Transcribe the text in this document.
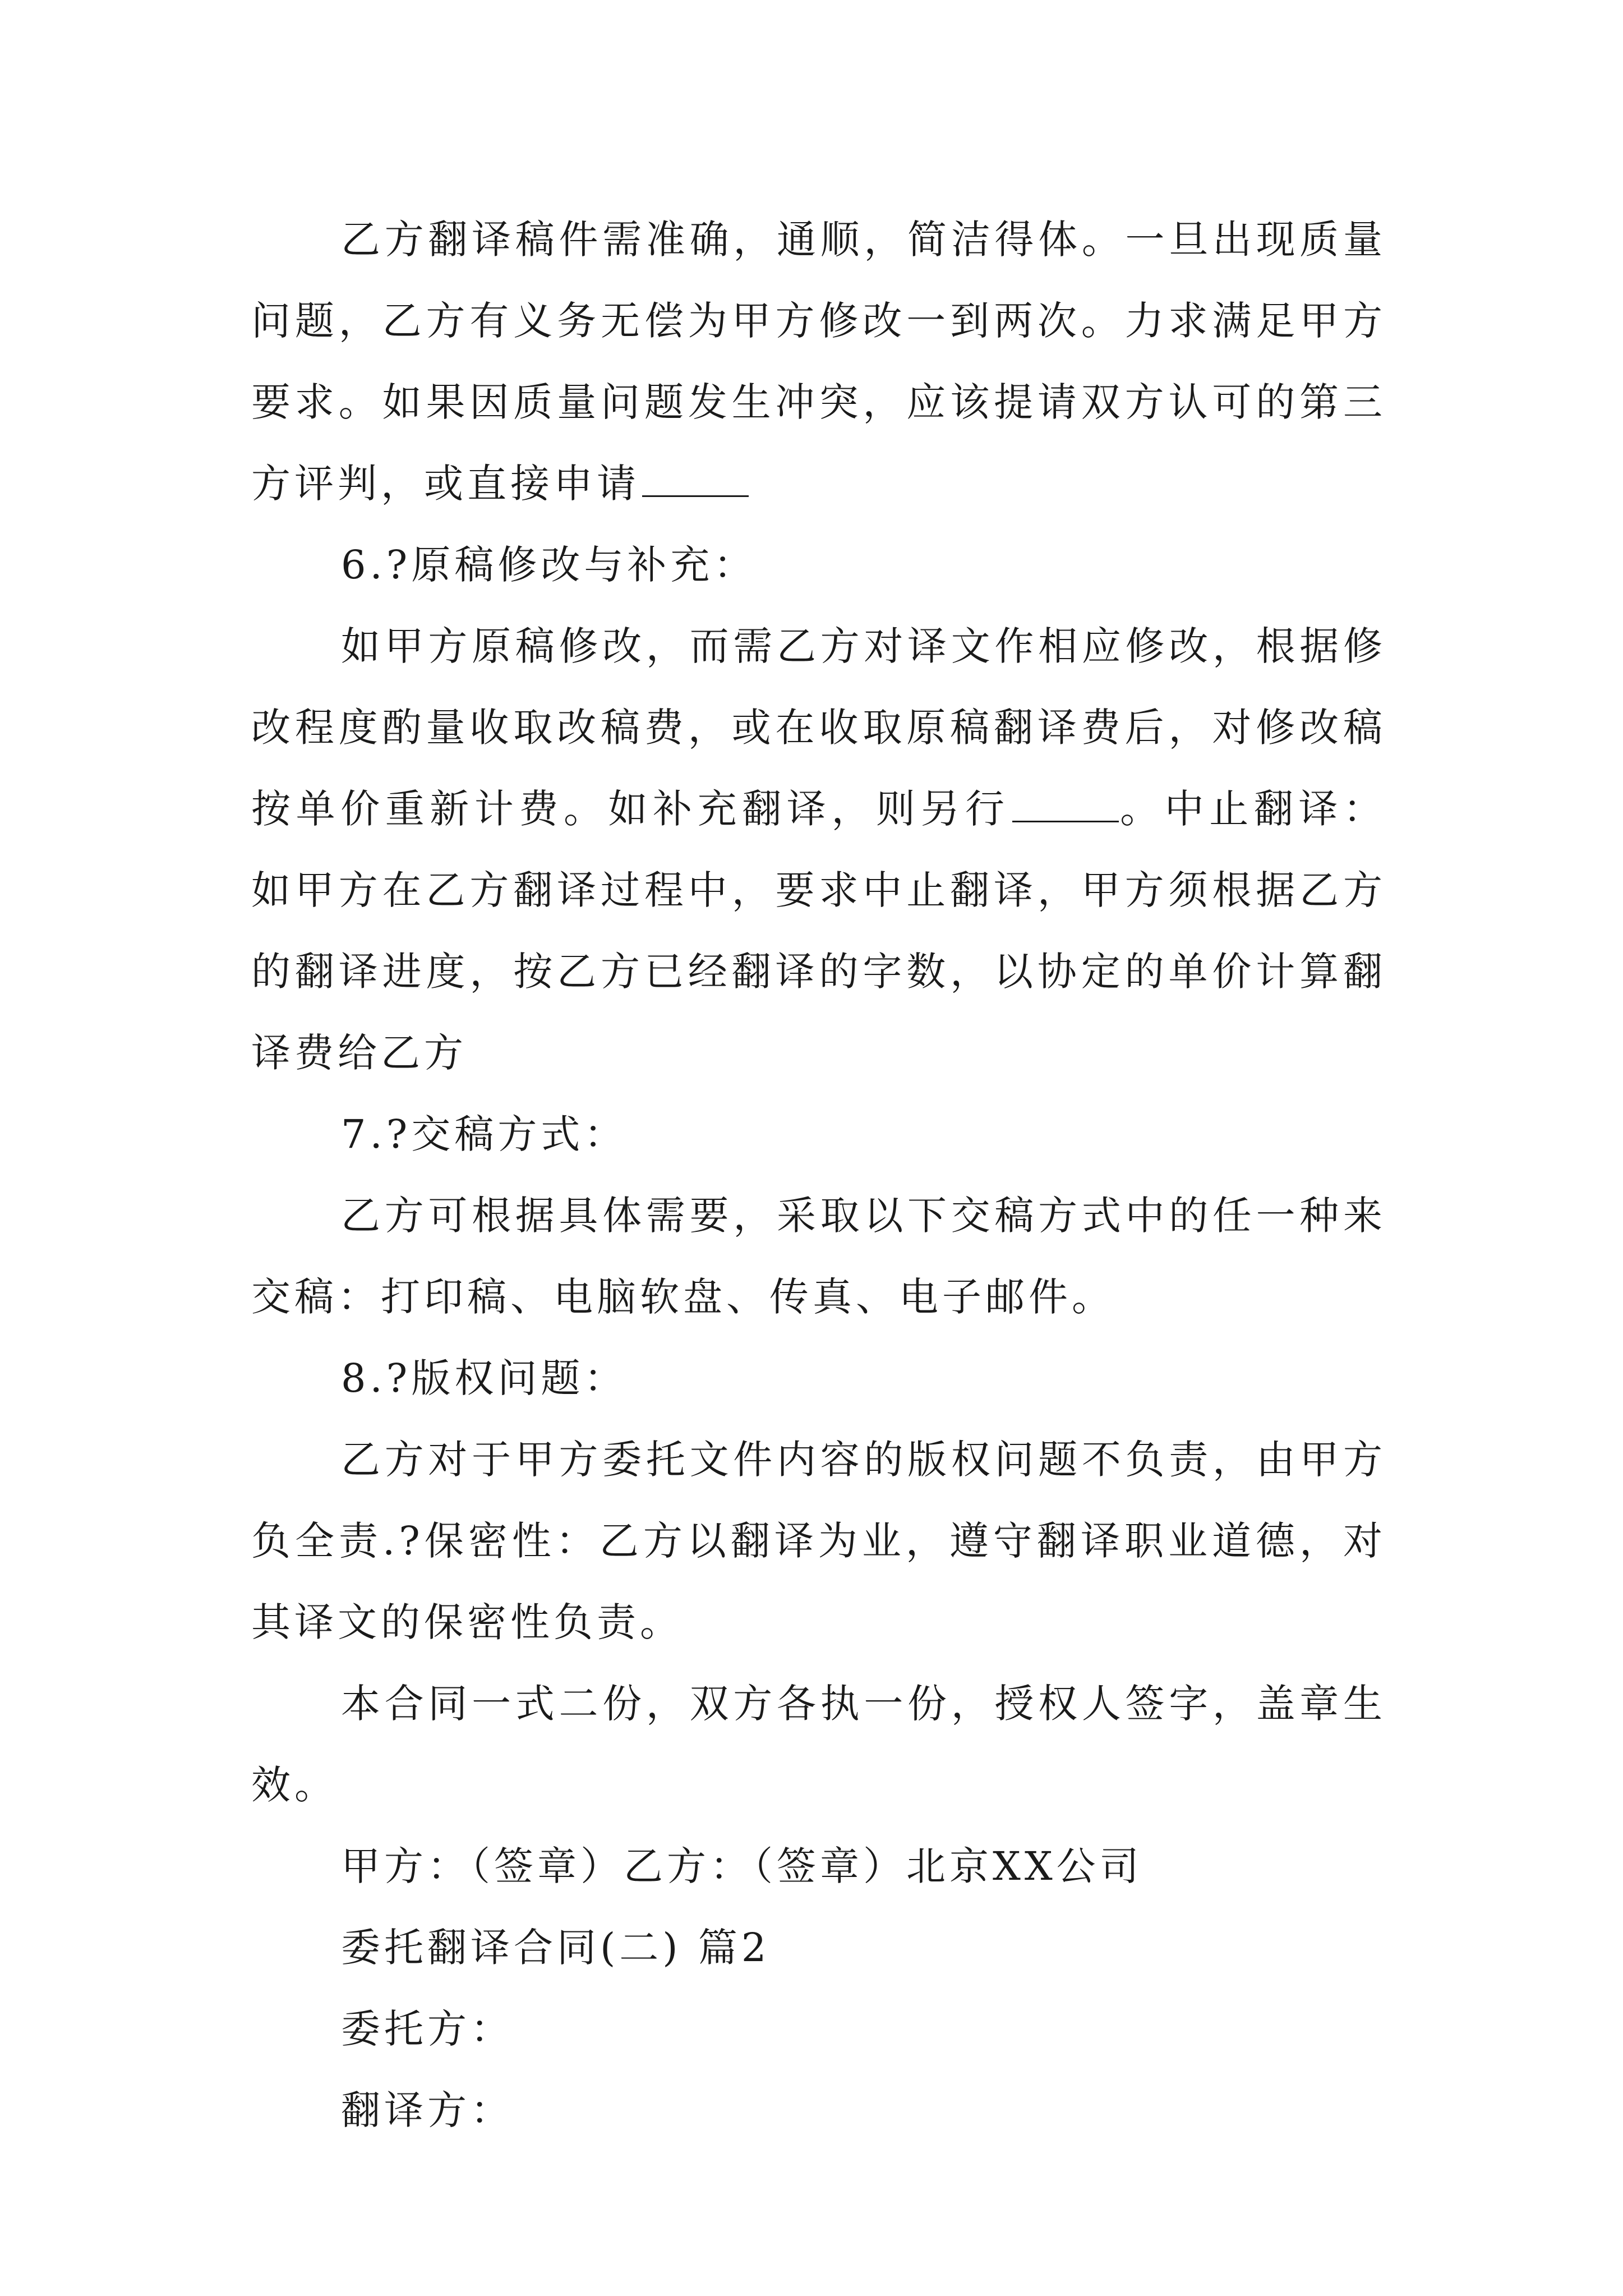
乙方翻译稿件需准确，通顺，简洁得体。一旦出现质量问题，乙方有义务无偿为甲方修改一到两次。力求满足甲方要求。如果因质量问题发生冲突，应该提请双方认可的第三方评判，或直接申请

6.?原稿修改与补充：

如甲方原稿修改，而需乙方对译文作相应修改，根据修改程度酌量收取改稿费，或在收取原稿翻译费后，对修改稿按单价重新计费。如补充翻译，则另行	。中止翻译：如甲方在乙方翻译过程中，要求中止翻译，甲方须根据乙方的翻译进度，按乙方已经翻译的字数，以协定的单价计算翻译费给乙方

7.?交稿方式：

乙方可根据具体需要，采取以下交稿方式中的任一种来交稿：打印稿、电脑软盘、传真、电子邮件。

8.?版权问题：

乙方对于甲方委托文件内容的版权问题不负责，由甲方负全责.?保密性：乙方以翻译为业，遵守翻译职业道德，对其译文的保密性负责。

本合同一式二份，双方各执一份，授权人签字，盖章生效。

甲方：（签章）乙方：（签章）北京XX公司

委托翻译合同(二) 篇2

委托方：

翻译方：
